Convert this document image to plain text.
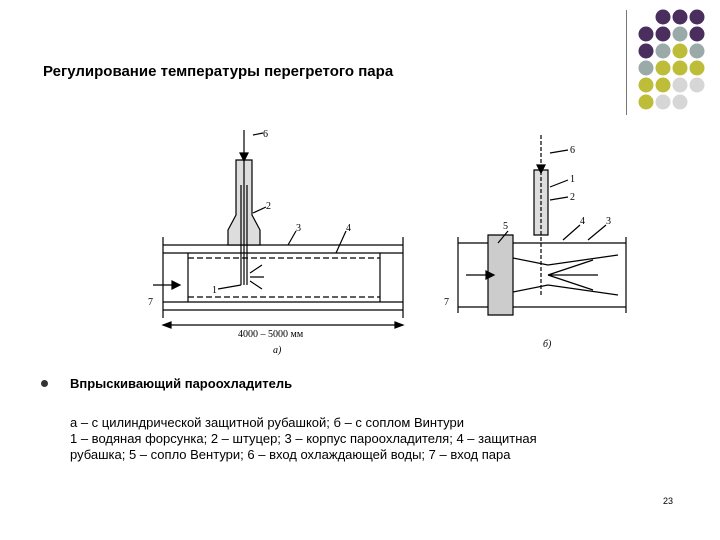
Регулирование температуры перегретого пара
6
2
3	4
1
7
4000 – 5000 мм
а)
6
1
2
4 3
5
7
б)
Впрыскивающий пароохладитель
а – с цилиндрической защитной рубашкой; б – с соплом Винтури
1 – водяная форсунка; 2 – штуцер; 3 – корпус пароохладителя; 4 – защитная
рубашка; 5 – сопло Вентури; 6 – вход охлаждающей воды; 7 – вход пара
23
